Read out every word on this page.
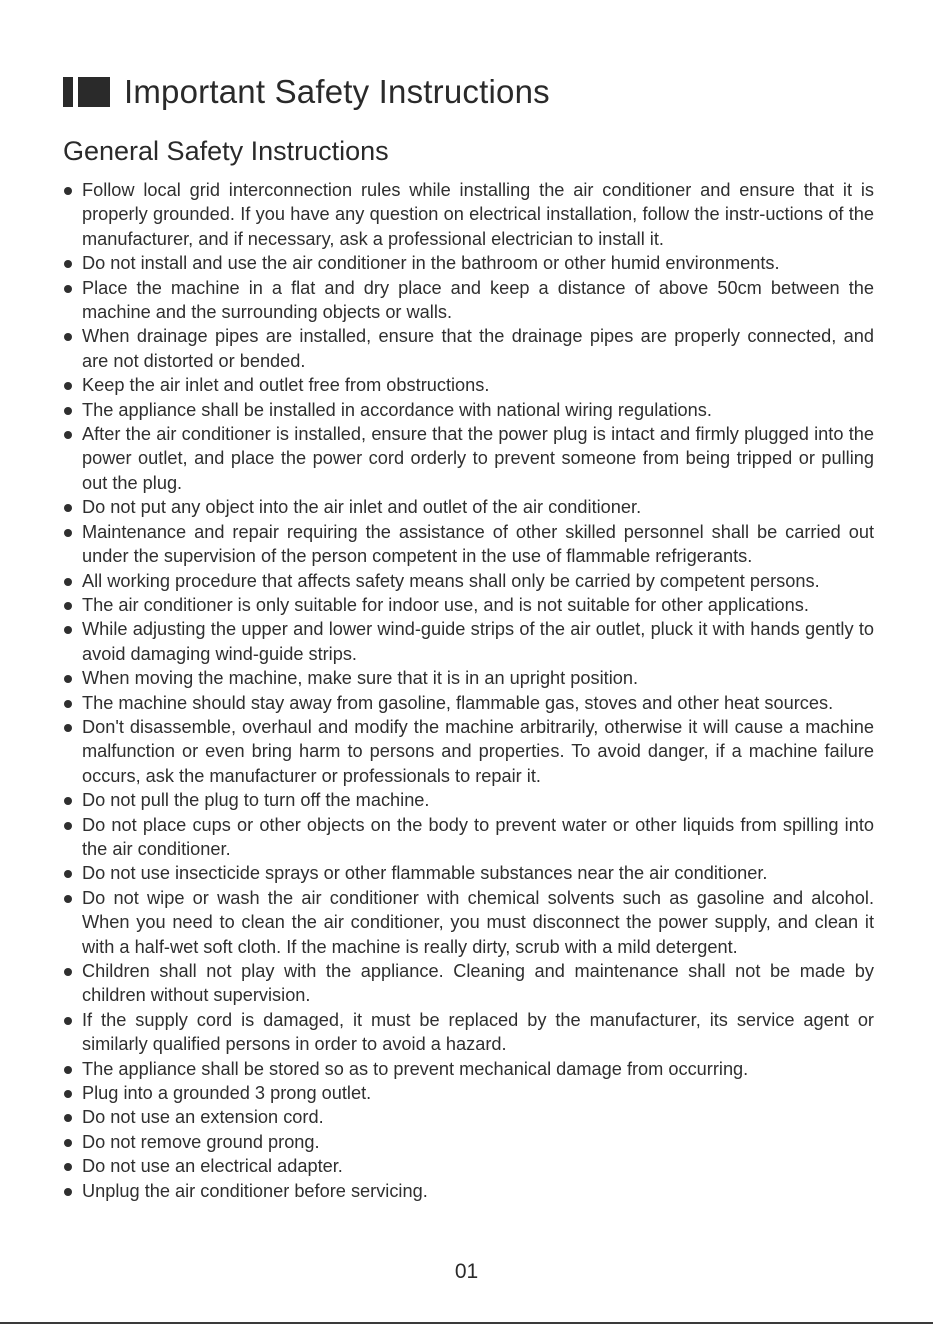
Important Safety Instructions
General Safety Instructions
Follow local grid interconnection rules while installing the air conditioner and ensure that it is properly grounded. If you have any question on electrical installation, follow the instr-uctions of the manufacturer, and if necessary, ask a professional electrician to install it.
Do not install and use the air conditioner in the bathroom or other humid environments.
Place the machine in a flat and dry place and keep a distance of above 50cm between the machine and the surrounding objects or walls.
When drainage pipes are installed, ensure that the drainage pipes are properly connected, and are not distorted or bended.
Keep the air inlet and outlet free from obstructions.
The appliance shall be installed in accordance with national wiring regulations.
After the air conditioner is installed, ensure that the power plug is intact and firmly plugged into the power outlet, and place the power cord orderly to prevent someone from being tripped or pulling out the plug.
Do not put any object into the air inlet and outlet of the air conditioner.
Maintenance and repair requiring the assistance of other skilled personnel shall be carried out under the supervision of the person competent in the use of flammable refrigerants.
All working procedure that affects safety means shall only be carried by competent persons.
The air conditioner is only suitable for indoor use, and is not suitable for other applications.
While adjusting the upper and lower wind-guide strips of the air outlet, pluck it with hands gently to avoid damaging wind-guide strips.
When moving the machine, make sure that it is in an upright position.
The machine should stay away from gasoline, flammable gas, stoves and other heat sources.
Don't disassemble, overhaul and modify the machine arbitrarily, otherwise it will cause a machine malfunction or even bring harm to persons and properties. To avoid danger, if a machine failure occurs, ask the manufacturer or professionals to repair it.
Do not pull the plug to turn off the machine.
Do not place cups or other objects on the body to prevent water or other liquids from spilling into the air conditioner.
Do not use insecticide sprays or other flammable substances near the air conditioner.
Do not wipe or wash the air conditioner with chemical solvents such as gasoline and alcohol. When you need to clean the air conditioner, you must disconnect the power supply, and clean it with a half-wet soft cloth. If the machine is really dirty, scrub with a mild detergent.
Children shall not play with the appliance. Cleaning and maintenance shall not be made by children without supervision.
If the supply cord is damaged, it must be replaced by the manufacturer, its service agent or similarly qualified persons in order to avoid a hazard.
The appliance shall be stored so as to prevent mechanical damage from occurring.
Plug into a grounded 3 prong outlet.
Do not use an extension cord.
Do not remove ground prong.
Do not use an electrical adapter.
Unplug the air conditioner before servicing.
01
